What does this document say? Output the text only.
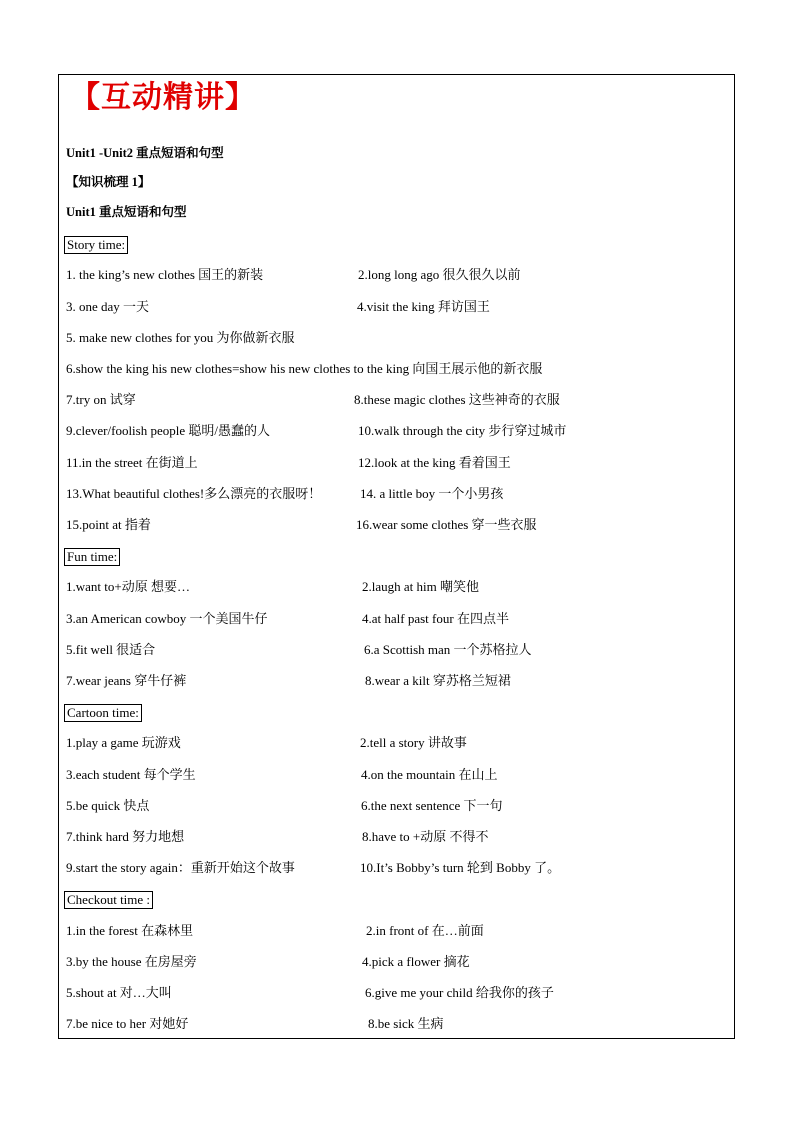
【互动精讲】
Unit1 -Unit2 重点短语和句型
【知识梳理 1】
Unit1 重点短语和句型
Story time:
1. the king’s new clothes 国王的新装	2.long long ago 很久很久以前
3. one day 一天	4.visit the king 拜访国王
5. make new clothes for you 为你做新衣服
6.show the king his new clothes=show his new clothes to the king 向国王展示他的新衣服
7.try on 试穿	8.these magic clothes 这些神奇的衣服
9.clever/foolish people 聪明/愚蠢的人	10.walk through the city 步行穿过城市
11.in the street 在街道上	12.look at the king 看着国王
13.What beautiful clothes!多么漂亮的衣服呀！	14. a little boy 一个小男孩
15.point at 指着	16.wear some clothes 穿一些衣服
Fun time:
1.want to+动原 想要…	2.laugh at him 嘲笑他
3.an American cowboy 一个美国牛仔	4.at half past four 在四点半
5.fit well 很适合	6.a Scottish man 一个苏格拉人
7.wear jeans 穿牛仔裤	8.wear a kilt 穿苏格兰短裙
Cartoon time:
1.play a game 玩游戏	2.tell a story 讲故事
3.each student 每个学生	4.on the mountain 在山上
5.be quick 快点	6.the next sentence 下一句
7.think hard 努力地想	8.have to +动原 不得不
9.start the story again：重新开始这个故事	10.It’s Bobby’s turn 轮到 Bobby 了。
Checkout time :
1.in the forest 在森林里	2.in front of 在…前面
3.by the house 在房屋旁	4.pick a flower 摘花
5.shout at 对…大叫	6.give me your child 给我你的孩子
7.be nice to her 对她好	8.be sick 生病
